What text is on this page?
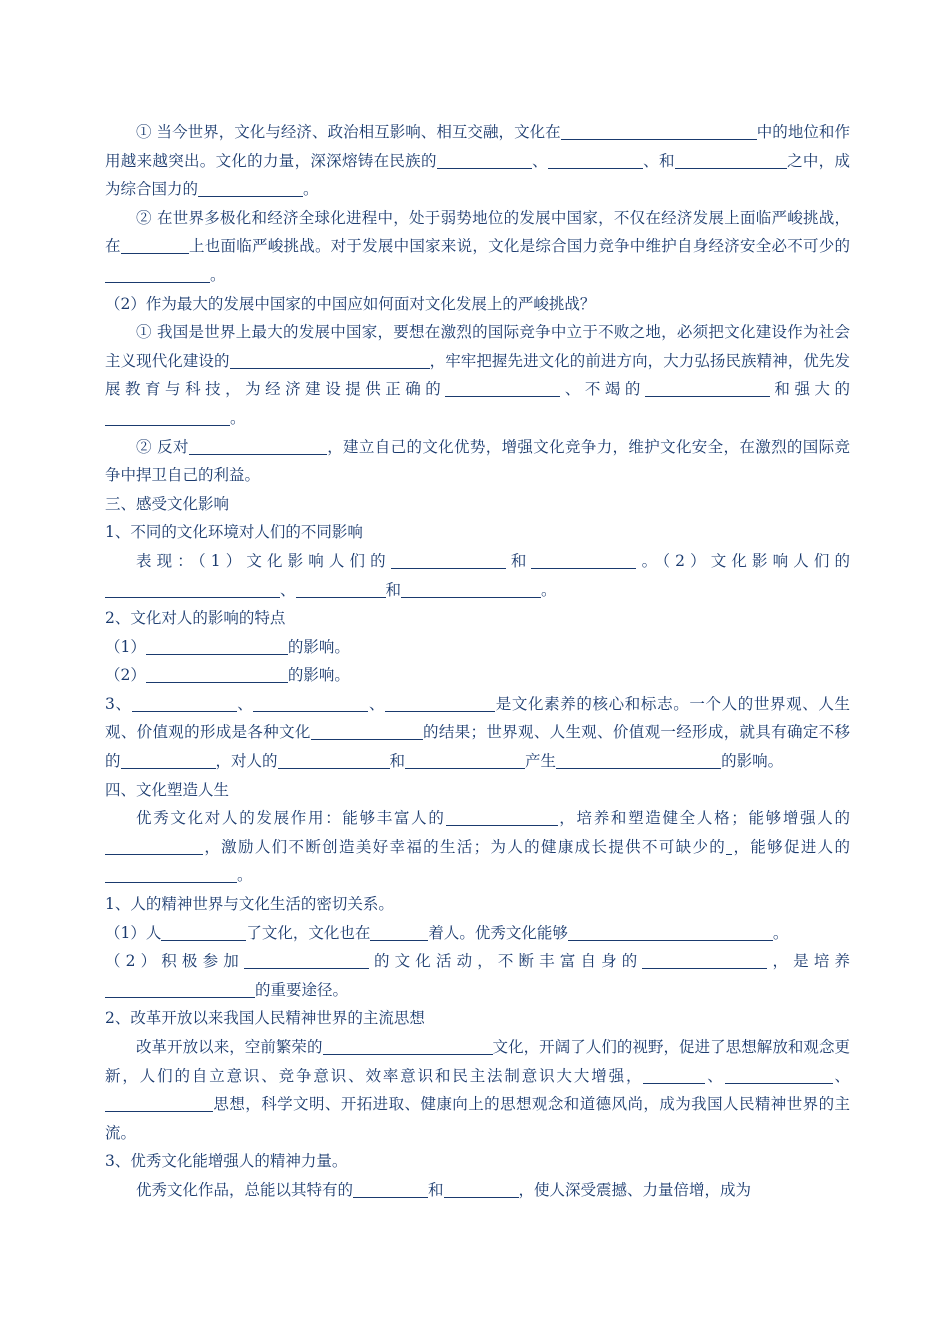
① 当今世界，文化与经济、政治相互影响、相互交融，文化在	中的地位和作用越来越突出。文化的力量，深深熔铸在民族的	、	、和	之中，成为综合国力的	。

② 在世界多极化和经济全球化进程中，处于弱势地位的发展中国家，不仅在经济发展上面临严峻挑战，在	上也面临严峻挑战。对于发展中国家来说，文化是综合国力竞争中维护自身经济安全必不可少的。

（2）作为最大的发展中国家的中国应如何面对文化发展上的严峻挑战？

① 我国是世界上最大的发展中国家，要想在激烈的国际竞争中立于不败之地，必须把文化建设作为社会主义现代化建设的	，牢牢把握先进文化的前进方向，大力弘扬民族精神，优先发展教育与科技，为经济建设提供正确的	、不竭的	和强大的。

② 反对	，建立自己的文化优势，增强文化竞争力，维护文化安全，在激烈的国际竞争中捍卫自己的利益。

三、感受文化影响

1、不同的文化环境对人们的不同影响

表现：（1）文化影响人们的	和	。（2）文化影响人们的、	和	。

2、文化对人的影响的特点

（1）	的影响。

（2）	的影响。

3、	、	、	是文化素养的核心和标志。一个人的世界观、人生观、价值观的形成是各种文化	的结果；世界观、人生观、价值观一经形成，就具有确定不移的	，对人的	和	产生	的影响。

四、文化塑造人生

优秀文化对人的发展作用：能够丰富人的	，培养和塑造健全人格；能够增强人的，激励人们不断创造美好幸福的生活；为人的健康成长提供不可缺少的 ，能够促进人的。

1、人的精神世界与文化生活的密切关系。

（1）人	了文化，文化也在	着人。优秀文化能够	。

（2）积极参加	的文化活动，不断丰富自身的	，是培养的重要途径。

2、改革开放以来我国人民精神世界的主流思想

改革开放以来，空前繁荣的	文化，开阔了人们的视野，促进了思想解放和观念更新，人们的自立意识、竞争意识、效率意识和民主法制意识大大增强，	、	、思想，科学文明、开拓进取、健康向上的思想观念和道德风尚，成为我国人民精神世界的主流。

3、优秀文化能增强人的精神力量。

优秀文化作品，总能以其特有的	和	，使人深受震撼、力量倍增，成为
